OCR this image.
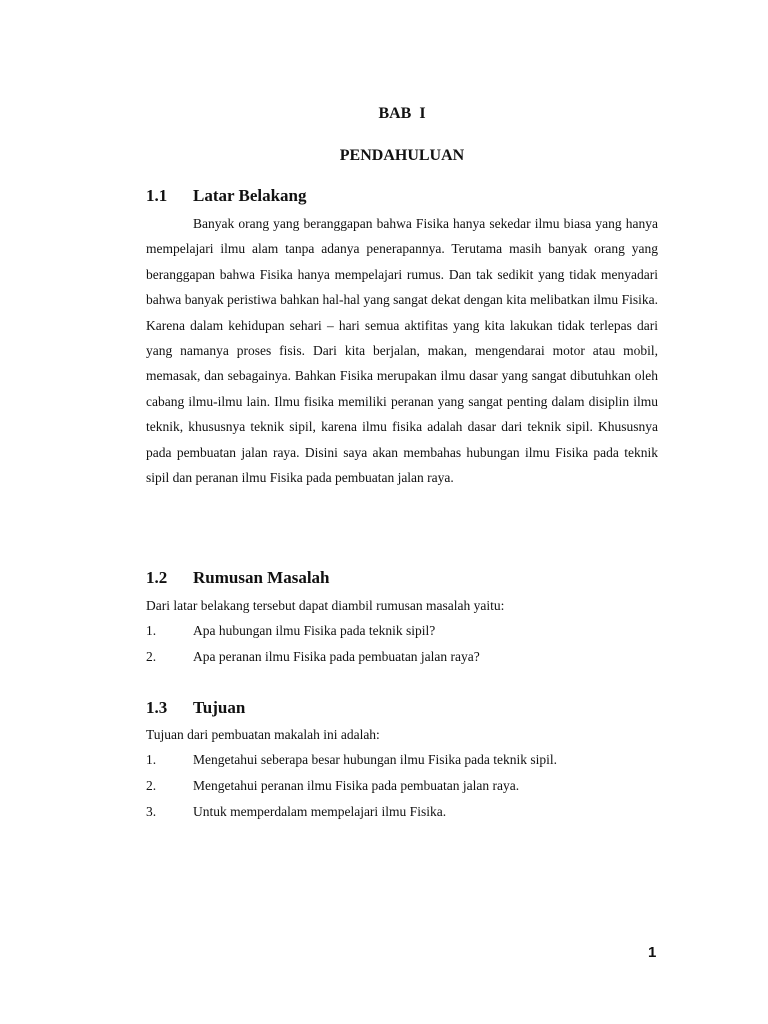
BAB I
PENDAHULUAN
1.1 Latar Belakang

Banyak orang yang beranggapan bahwa Fisika hanya sekedar ilmu biasa yang hanya mempelajari ilmu alam tanpa adanya penerapannya. Terutama masih banyak orang yang beranggapan bahwa Fisika hanya mempelajari rumus. Dan tak sedikit yang tidak menyadari bahwa banyak peristiwa bahkan hal-hal yang sangat dekat dengan kita melibatkan ilmu Fisika. Karena dalam kehidupan sehari – hari semua aktifitas yang kita lakukan tidak terlepas dari yang namanya proses fisis. Dari kita berjalan, makan, mengendarai motor atau mobil, memasak, dan sebagainya. Bahkan Fisika merupakan ilmu dasar yang sangat dibutuhkan oleh cabang ilmu-ilmu lain. Ilmu fisika memiliki peranan yang sangat penting dalam disiplin ilmu teknik, khususnya teknik sipil, karena ilmu fisika adalah dasar dari teknik sipil. Khususnya pada pembuatan jalan raya. Disini saya akan membahas hubungan ilmu Fisika pada teknik sipil dan peranan ilmu Fisika pada pembuatan jalan raya.

1.2 Rumusan Masalah
Dari latar belakang tersebut dapat diambil rumusan masalah yaitu:
1.	Apa hubungan ilmu Fisika pada teknik sipil?
2.	Apa peranan ilmu Fisika pada pembuatan jalan raya?
1.3 Tujuan
Tujuan dari pembuatan makalah ini adalah:
1.	Mengetahui seberapa besar hubungan ilmu Fisika pada teknik sipil.
2.	Mengetahui peranan ilmu Fisika pada pembuatan jalan raya.
3.	Untuk memperdalam mempelajari ilmu Fisika.
1
